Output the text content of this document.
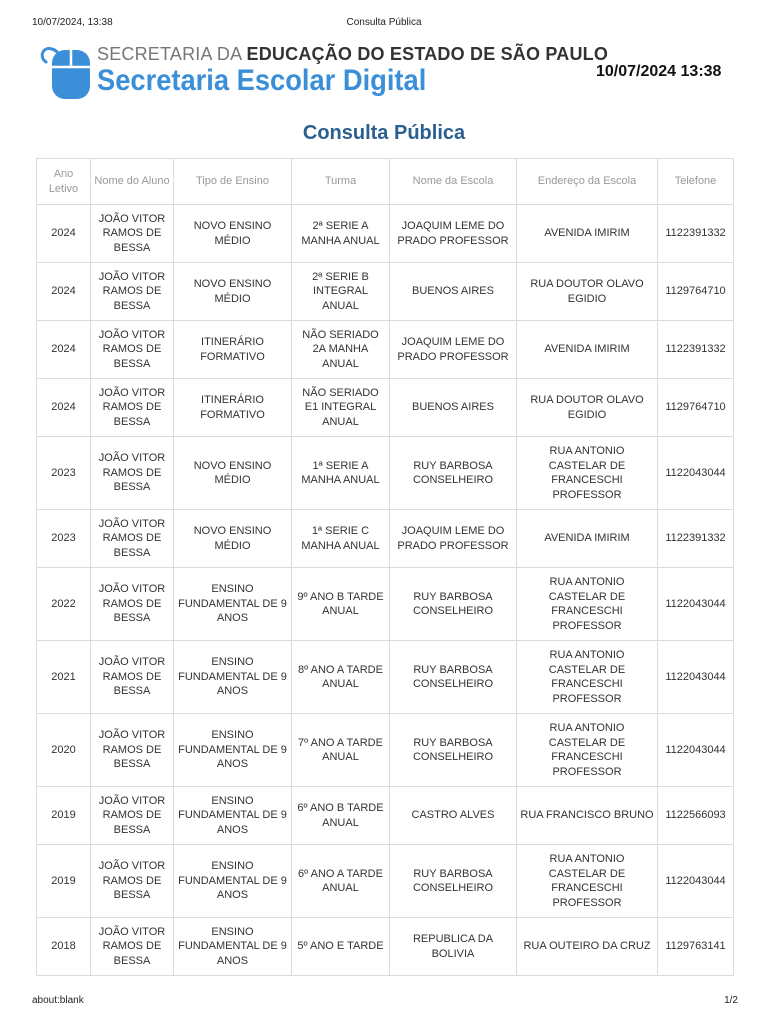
10/07/2024, 13:38	Consulta Pública
SECRETARIA DA EDUCAÇÃO DO ESTADO DE SÃO PAULO
Secretaria Escolar Digital	10/07/2024 13:38
Consulta Pública
Ano Letivo	Nome do Aluno	Tipo de Ensino	Turma	Nome da Escola	Endereço da Escola	Telefone
2024	JOÃO VITOR RAMOS DE BESSA	NOVO ENSINO MÉDIO	2ª SERIE A MANHA ANUAL	JOAQUIM LEME DO PRADO PROFESSOR	AVENIDA IMIRIM	1122391332
2024	JOÃO VITOR RAMOS DE BESSA	NOVO ENSINO MÉDIO	2ª SERIE B INTEGRAL ANUAL	BUENOS AIRES	RUA DOUTOR OLAVO EGIDIO	1129764710
2024	JOÃO VITOR RAMOS DE BESSA	ITINERÁRIO FORMATIVO	NÃO SERIADO 2A MANHA ANUAL	JOAQUIM LEME DO PRADO PROFESSOR	AVENIDA IMIRIM	1122391332
2024	JOÃO VITOR RAMOS DE BESSA	ITINERÁRIO FORMATIVO	NÃO SERIADO E1 INTEGRAL ANUAL	BUENOS AIRES	RUA DOUTOR OLAVO EGIDIO	1129764710
2023	JOÃO VITOR RAMOS DE BESSA	NOVO ENSINO MÉDIO	1ª SERIE A MANHA ANUAL	RUY BARBOSA CONSELHEIRO	RUA ANTONIO CASTELAR DE FRANCESCHI PROFESSOR	1122043044
2023	JOÃO VITOR RAMOS DE BESSA	NOVO ENSINO MÉDIO	1ª SERIE C MANHA ANUAL	JOAQUIM LEME DO PRADO PROFESSOR	AVENIDA IMIRIM	1122391332
2022	JOÃO VITOR RAMOS DE BESSA	ENSINO FUNDAMENTAL DE 9 ANOS	9º ANO B TARDE ANUAL	RUY BARBOSA CONSELHEIRO	RUA ANTONIO CASTELAR DE FRANCESCHI PROFESSOR	1122043044
2021	JOÃO VITOR RAMOS DE BESSA	ENSINO FUNDAMENTAL DE 9 ANOS	8º ANO A TARDE ANUAL	RUY BARBOSA CONSELHEIRO	RUA ANTONIO CASTELAR DE FRANCESCHI PROFESSOR	1122043044
2020	JOÃO VITOR RAMOS DE BESSA	ENSINO FUNDAMENTAL DE 9 ANOS	7º ANO A TARDE ANUAL	RUY BARBOSA CONSELHEIRO	RUA ANTONIO CASTELAR DE FRANCESCHI PROFESSOR	1122043044
2019	JOÃO VITOR RAMOS DE BESSA	ENSINO FUNDAMENTAL DE 9 ANOS	6º ANO B TARDE ANUAL	CASTRO ALVES	RUA FRANCISCO BRUNO	1122566093
2019	JOÃO VITOR RAMOS DE BESSA	ENSINO FUNDAMENTAL DE 9 ANOS	6º ANO A TARDE ANUAL	RUY BARBOSA CONSELHEIRO	RUA ANTONIO CASTELAR DE FRANCESCHI PROFESSOR	1122043044
2018	JOÃO VITOR RAMOS DE BESSA	ENSINO FUNDAMENTAL DE 9 ANOS	5º ANO E TARDE	REPUBLICA DA BOLIVIA	RUA OUTEIRO DA CRUZ	1129763141
about:blank	1/2
